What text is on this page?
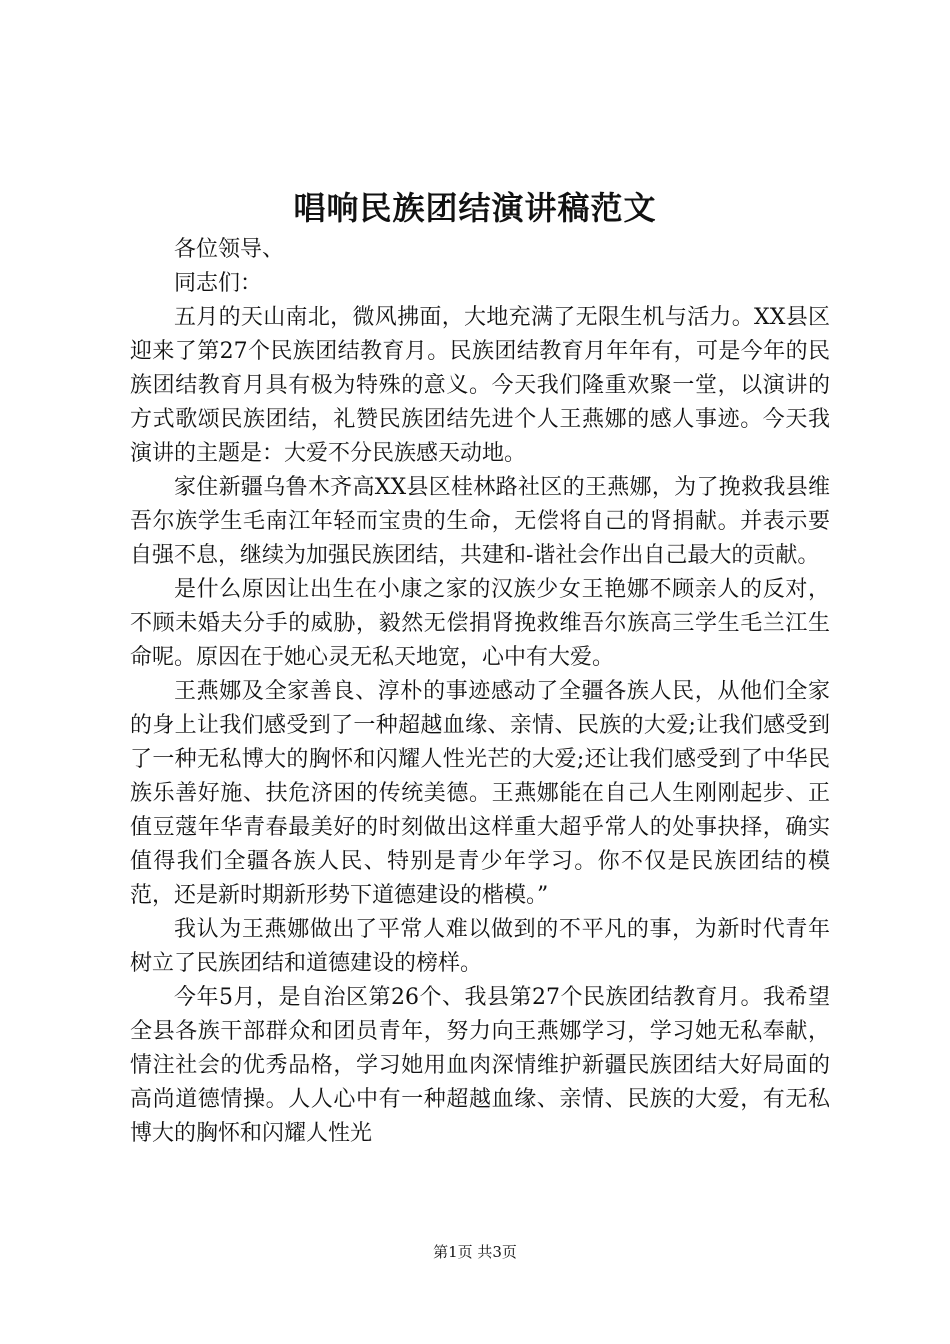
唱响民族团结演讲稿范文

各位领导、

同志们：

五月的天山南北，微风拂面，大地充满了无限生机与活力。XX县区迎来了第27个民族团结教育月。民族团结教育月年年有，可是今年的民族团结教育月具有极为特殊的意义。今天我们隆重欢聚一堂，以演讲的方式歌颂民族团结，礼赞民族团结先进个人王燕娜的感人事迹。今天我演讲的主题是：大爱不分民族感天动地。

家住新疆乌鲁木齐高XX县区桂林路社区的王燕娜，为了挽救我县维吾尔族学生毛南江年轻而宝贵的生命，无偿将自己的肾捐献。并表示要自强不息，继续为加强民族团结，共建和-谐社会作出自己最大的贡献。

是什么原因让出生在小康之家的汉族少女王艳娜不顾亲人的反对，不顾未婚夫分手的威胁，毅然无偿捐肾挽救维吾尔族高三学生毛兰江生命呢。原因在于她心灵无私天地宽，心中有大爱。

王燕娜及全家善良、淳朴的事迹感动了全疆各族人民，从他们全家的身上让我们感受到了一种超越血缘、亲情、民族的大爱;让我们感受到了一种无私博大的胸怀和闪耀人性光芒的大爱;还让我们感受到了中华民族乐善好施、扶危济困的传统美德。王燕娜能在自己人生刚刚起步、正值豆蔻年华青春最美好的时刻做出这样重大超乎常人的处事抉择，确实值得我们全疆各族人民、特别是青少年学习。你不仅是民族团结的模范，还是新时期新形势下道德建设的楷模。”

我认为王燕娜做出了平常人难以做到的不平凡的事，为新时代青年树立了民族团结和道德建设的榜样。

今年5月，是自治区第26个、我县第27个民族团结教育月。我希望全县各族干部群众和团员青年，努力向王燕娜学习，学习她无私奉献，情注社会的优秀品格，学习她用血肉深情维护新疆民族团结大好局面的高尚道德情操。人人心中有一种超越血缘、亲情、民族的大爱，有无私博大的胸怀和闪耀人性光

第1页 共3页
